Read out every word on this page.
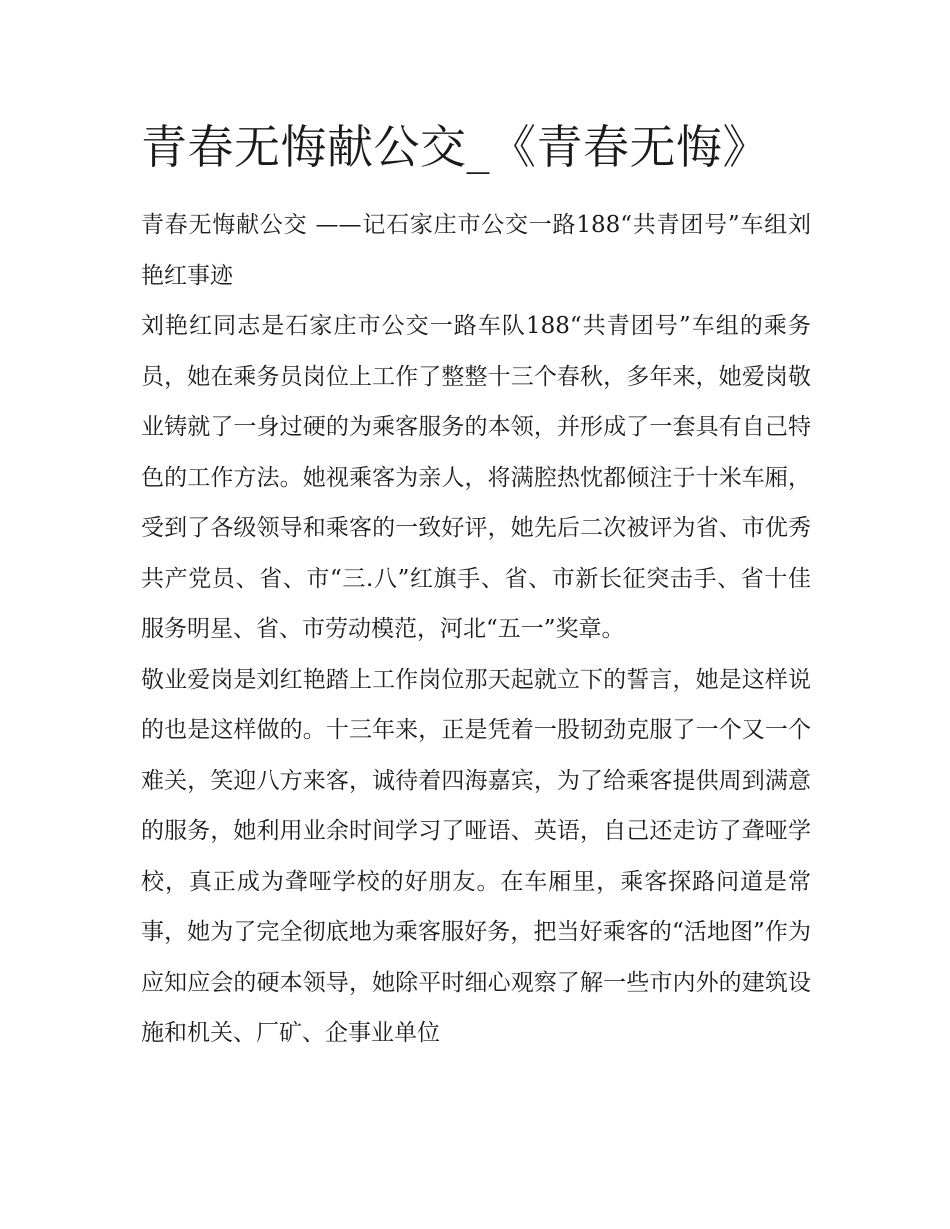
青春无悔献公交_《青春无悔》

青春无悔献公交 ——记石家庄市公交一路188“共青团号”车组刘艳红事迹

刘艳红同志是石家庄市公交一路车队188“共青团号”车组的乘务员，她在乘务员岗位上工作了整整十三个春秋，多年来，她爱岗敬业铸就了一身过硬的为乘客服务的本领，并形成了一套具有自己特色的工作方法。她视乘客为亲人，将满腔热忱都倾注于十米车厢，受到了各级领导和乘客的一致好评，她先后二次被评为省、市优秀共产党员、省、市“三.八”红旗手、省、市新长征突击手、省十佳服务明星、省、市劳动模范，河北“五一”奖章。

敬业爱岗是刘红艳踏上工作岗位那天起就立下的誓言，她是这样说的也是这样做的。十三年来，正是凭着一股韧劲克服了一个又一个难关，笑迎八方来客，诚待着四海嘉宾，为了给乘客提供周到满意的服务，她利用业余时间学习了哑语、英语，自己还走访了聋哑学校，真正成为聋哑学校的好朋友。在车厢里，乘客探路问道是常事，她为了完全彻底地为乘客服好务，把当好乘客的“活地图”作为应知应会的硬本领导，她除平时细心观察了解一些市内外的建筑设施和机关、厂矿、企事业单位
